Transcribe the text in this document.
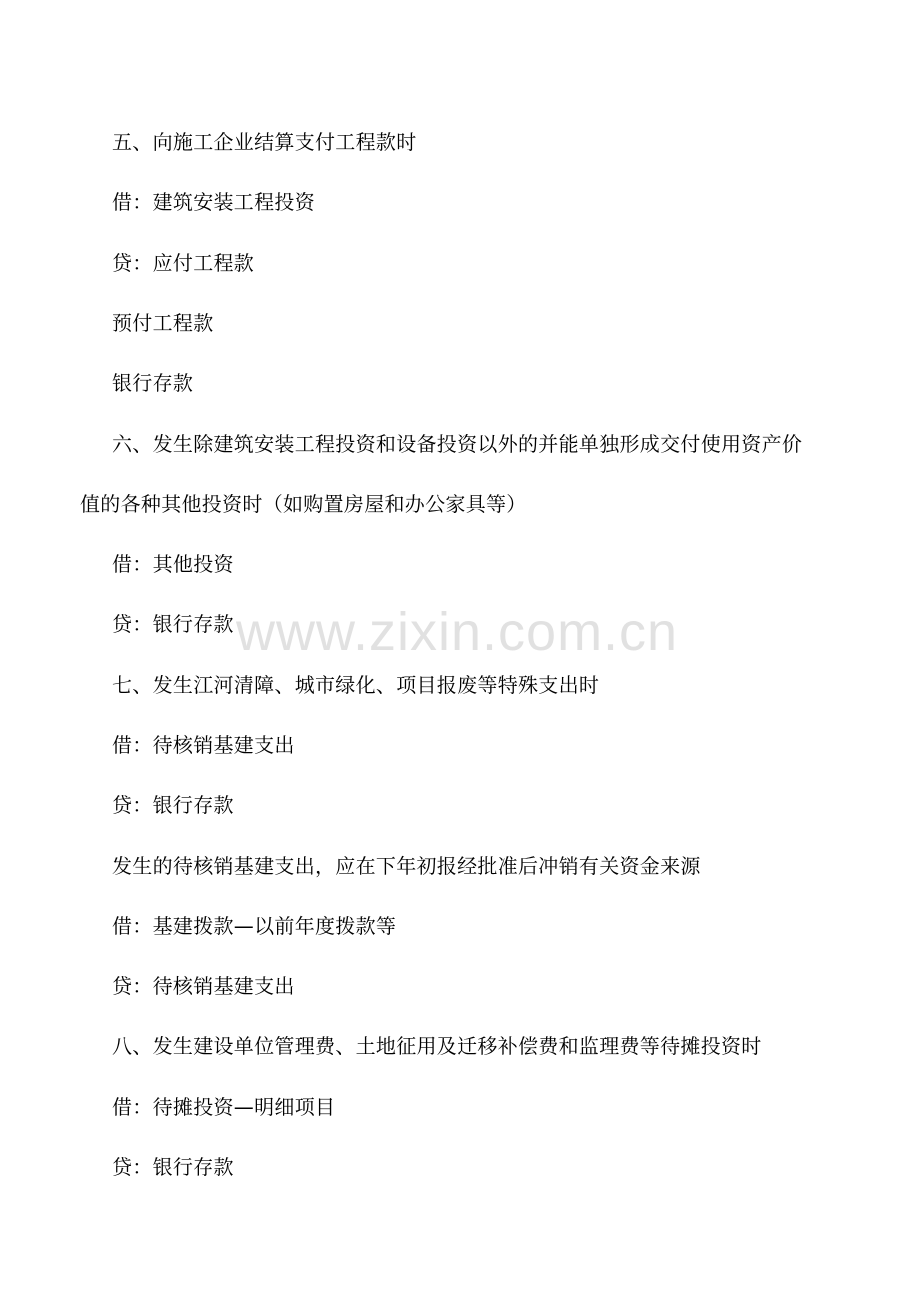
五、向施工企业结算支付工程款时
借：建筑安装工程投资
贷：应付工程款
预付工程款
银行存款
六、发生除建筑安装工程投资和设备投资以外的并能单独形成交付使用资产价
值的各种其他投资时（如购置房屋和办公家具等）
借：其他投资
贷：银行存款
七、发生江河清障、城市绿化、项目报废等特殊支出时
借：待核销基建支出
贷：银行存款
发生的待核销基建支出，应在下年初报经批准后冲销有关资金来源
借：基建拨款—以前年度拨款等
贷：待核销基建支出
八、发生建设单位管理费、土地征用及迁移补偿费和监理费等待摊投资时
借：待摊投资—明细项目
贷：银行存款
www.zixin.com.cn
